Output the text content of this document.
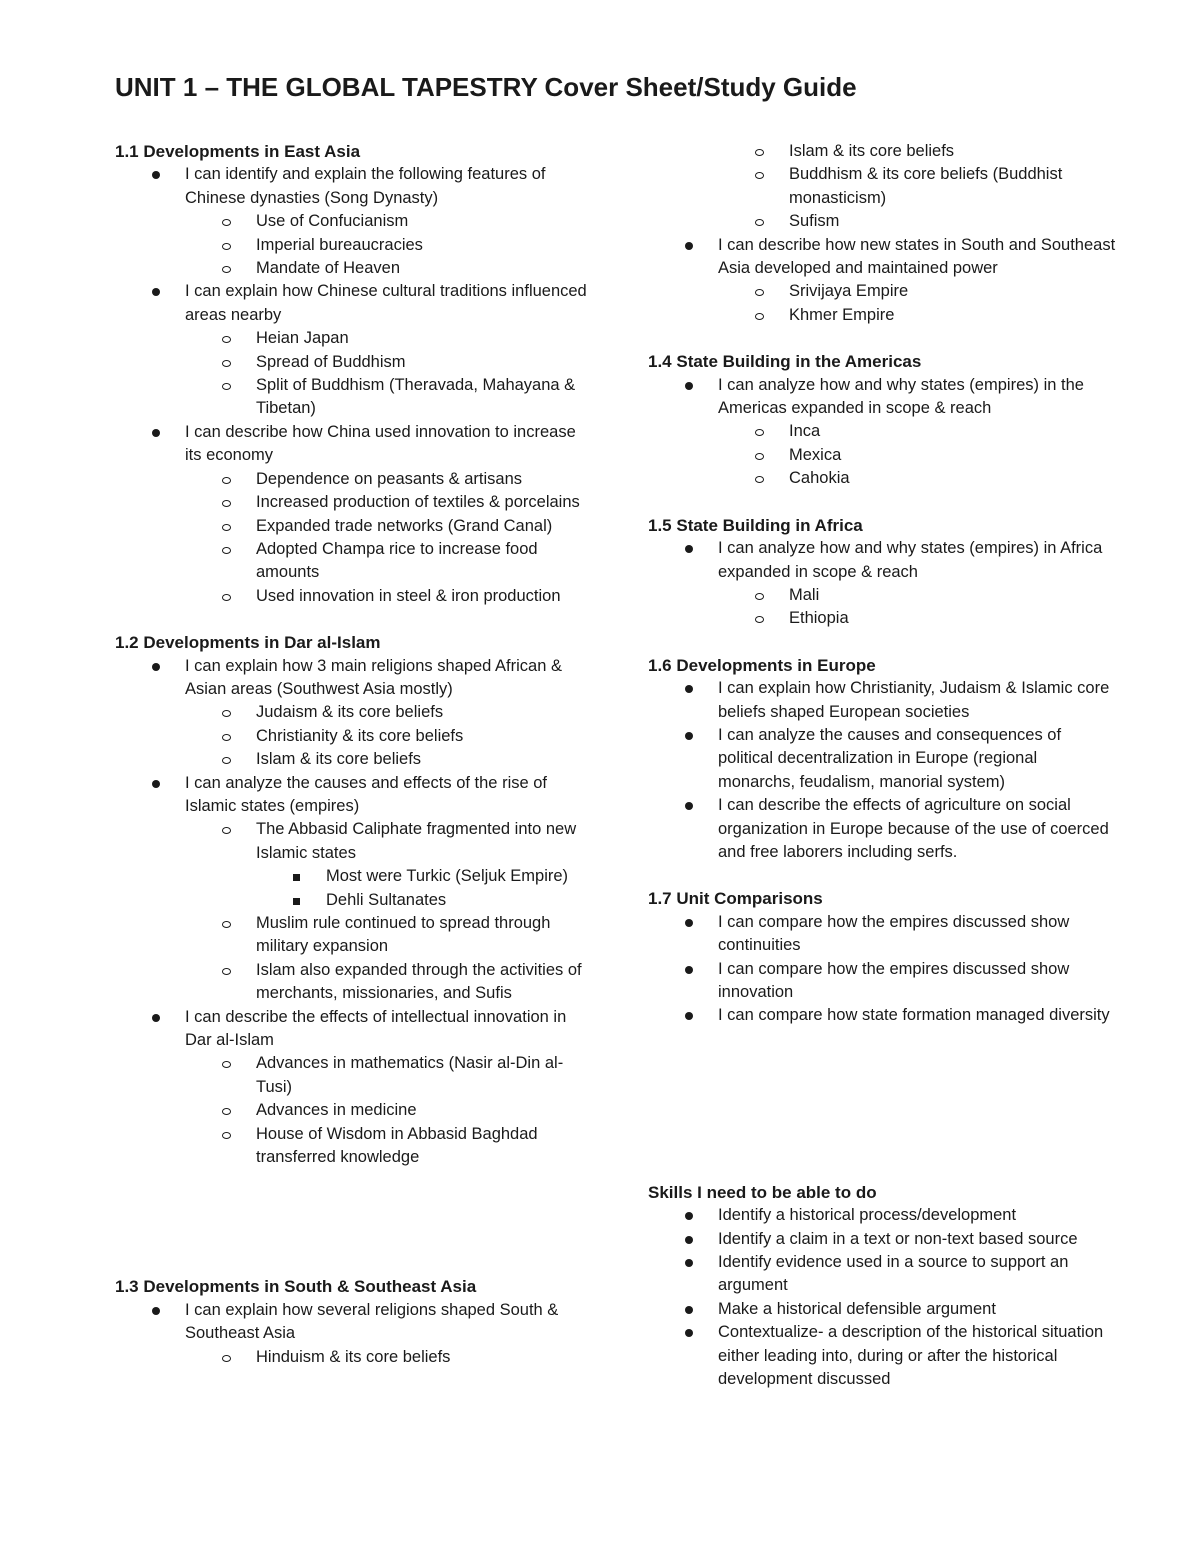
UNIT 1 – THE GLOBAL TAPESTRY Cover Sheet/Study Guide
1.1 Developments in East Asia
I can identify and explain the following features of Chinese dynasties (Song Dynasty)
Use of Confucianism
Imperial bureaucracies
Mandate of Heaven
I can explain how Chinese cultural traditions influenced areas nearby
Heian Japan
Spread of Buddhism
Split of Buddhism (Theravada, Mahayana & Tibetan)
I can describe how China used innovation to increase its economy
Dependence on peasants & artisans
Increased production of textiles & porcelains
Expanded trade networks (Grand Canal)
Adopted Champa rice to increase food amounts
Used innovation in steel & iron production
1.2 Developments in Dar al-Islam
I can explain how 3 main religions shaped African & Asian areas (Southwest Asia mostly)
Judaism & its core beliefs
Christianity & its core beliefs
Islam & its core beliefs
I can analyze the causes and effects of the rise of Islamic states (empires)
The Abbasid Caliphate fragmented into new Islamic states
Most were Turkic (Seljuk Empire)
Dehli Sultanates
Muslim rule continued to spread through military expansion
Islam also expanded through the activities of merchants, missionaries, and Sufis
I can describe the effects of intellectual innovation in Dar al-Islam
Advances in mathematics (Nasir al-Din al-Tusi)
Advances in medicine
House of Wisdom in Abbasid Baghdad transferred knowledge
1.3 Developments in South & Southeast Asia
I can explain how several religions shaped South & Southeast Asia
Hinduism & its core beliefs
Islam & its core beliefs
Buddhism & its core beliefs (Buddhist monasticism)
Sufism
I can describe how new states in South and Southeast Asia developed and maintained power
Srivijaya Empire
Khmer Empire
1.4 State Building in the Americas
I can analyze how and why states (empires) in the Americas expanded in scope & reach
Inca
Mexica
Cahokia
1.5 State Building in Africa
I can analyze how and why states (empires) in Africa expanded in scope & reach
Mali
Ethiopia
1.6 Developments in Europe
I can explain how Christianity, Judaism & Islamic core beliefs shaped European societies
I can analyze the causes and consequences of political decentralization in Europe (regional monarchs, feudalism, manorial system)
I can describe the effects of agriculture on social organization in Europe because of the use of coerced and free laborers including serfs.
1.7 Unit Comparisons
I can compare how the empires discussed show continuities
I can compare how the empires discussed show innovation
I can compare how state formation managed diversity
Skills I need to be able to do
Identify a historical process/development
Identify a claim in a text or non-text based source
Identify evidence used in a source to support an argument
Make a historical defensible argument
Contextualize- a description of the historical situation either leading into, during or after the historical development discussed
